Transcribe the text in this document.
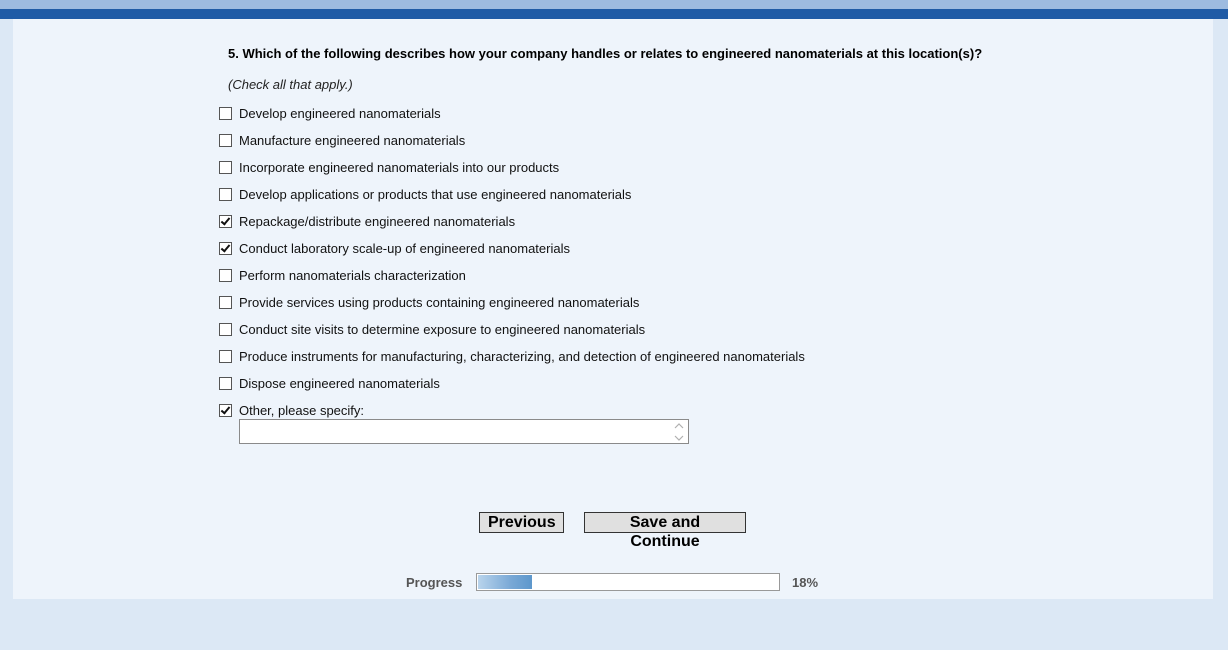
5. Which of the following describes how your company handles or relates to engineered nanomaterials at this location(s)?
(Check all that apply.)
Develop engineered nanomaterials
Manufacture engineered nanomaterials
Incorporate engineered nanomaterials into our products
Develop applications or products that use engineered nanomaterials
Repackage/distribute engineered nanomaterials
Conduct laboratory scale-up of engineered nanomaterials
Perform nanomaterials characterization
Provide services using products containing engineered nanomaterials
Conduct site visits to determine exposure to engineered nanomaterials
Produce instruments for manufacturing, characterizing, and detection of engineered nanomaterials
Dispose engineered nanomaterials
Other, please specify:
Previous	Save and Continue
Progress	18%
